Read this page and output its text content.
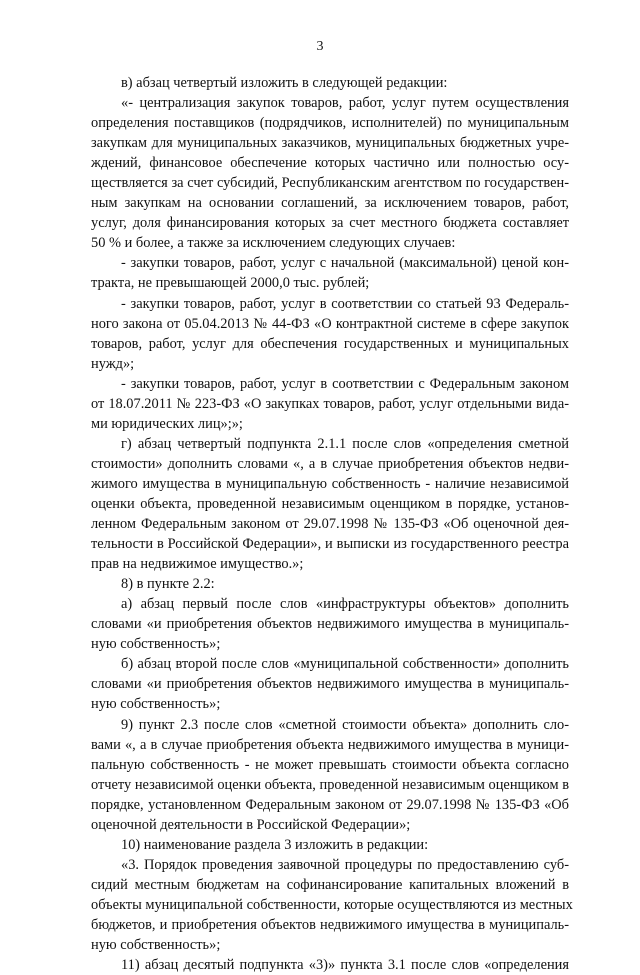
3
в) абзац четвертый изложить в следующей редакции:
«- централизация закупок товаров, работ, услуг путем осуществления
определения поставщиков (подрядчиков, исполнителей) по муниципальным
закупкам для муниципальных заказчиков, муниципальных бюджетных учре-
ждений, финансовое обеспечение которых частично или полностью осу-
ществляется за счет субсидий, Республиканским агентством по государствен-
ным закупкам на основании соглашений, за исключением товаров, работ,
услуг, доля финансирования которых за счет местного бюджета составляет
50 % и более, а также за исключением следующих случаев:
- закупки товаров, работ, услуг с начальной (максимальной) ценой кон-
тракта, не превышающей 2000,0 тыс. рублей;
- закупки товаров, работ, услуг в соответствии со статьей 93 Федераль-
ного закона от 05.04.2013 № 44-ФЗ «О контрактной системе в сфере закупок
товаров, работ, услуг для обеспечения государственных и муниципальных
нужд»;
- закупки товаров, работ, услуг в соответствии с Федеральным законом
от 18.07.2011 № 223-ФЗ «О закупках товаров, работ, услуг отдельными вида-
ми юридических лиц»;»;
г) абзац четвертый подпункта 2.1.1 после слов «определения сметной
стоимости» дополнить словами «, а в случае приобретения объектов недви-
жимого имущества в муниципальную собственность - наличие независимой
оценки объекта, проведенной независимым оценщиком в порядке, установ-
ленном Федеральным законом от 29.07.1998 № 135-ФЗ «Об оценочной дея-
тельности в Российской Федерации», и выписки из государственного реестра
прав на недвижимое имущество.»;
8) в пункте 2.2:
а) абзац первый после слов «инфраструктуры объектов» дополнить
словами «и приобретения объектов недвижимого имущества в муниципаль-
ную собственность»;
б) абзац второй после слов «муниципальной собственности» дополнить
словами «и приобретения объектов недвижимого имущества в муниципаль-
ную собственность»;
9) пункт 2.3 после слов «сметной стоимости объекта» дополнить сло-
вами «, а в случае приобретения объекта недвижимого имущества в муници-
пальную собственность - не может превышать стоимости объекта согласно
отчету независимой оценки объекта, проведенной независимым оценщиком в
порядке, установленном Федеральным законом от 29.07.1998 № 135-ФЗ «Об
оценочной деятельности в Российской Федерации»;
10) наименование раздела 3 изложить в редакции:
«3. Порядок проведения заявочной процедуры по предоставлению суб-
сидий местным бюджетам на софинансирование капитальных вложений в
объекты муниципальной собственности, которые осуществляются из местных
бюджетов, и приобретения объектов недвижимого имущества в муниципаль-
ную собственность»;
11) абзац десятый подпункта «3)» пункта 3.1 после слов «определения
